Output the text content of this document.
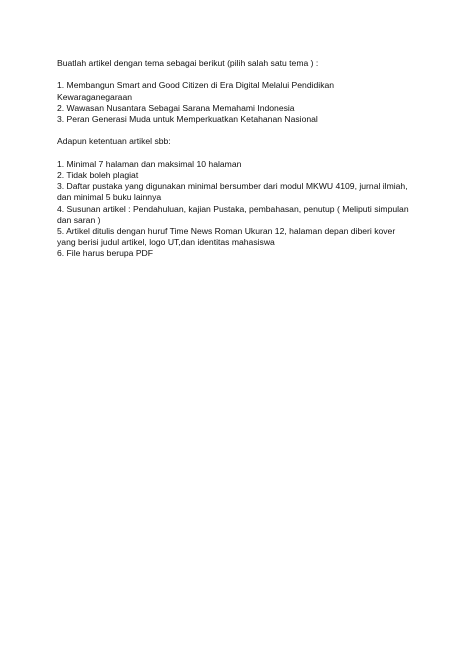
Buatlah artikel dengan tema sebagai berikut (pilih salah satu tema ) :

1. Membangun Smart and Good Citizen di Era Digital Melalui Pendidikan
Kewaraganegaraan
2. Wawasan Nusantara Sebagai Sarana Memahami Indonesia
3. Peran Generasi Muda untuk Memperkuatkan Ketahanan Nasional

Adapun ketentuan artikel sbb:

1. Minimal 7 halaman dan maksimal 10 halaman
2. Tidak boleh plagiat
3. Daftar pustaka yang digunakan minimal bersumber dari modul MKWU 4109, jurnal ilmiah,
dan minimal 5 buku lainnya
4. Susunan artikel : Pendahuluan, kajian Pustaka, pembahasan, penutup ( Meliputi simpulan
dan saran )
5. Artikel ditulis dengan huruf Time News Roman Ukuran 12, halaman depan diberi kover
yang berisi judul artikel, logo UT,dan identitas mahasiswa
6. File harus berupa PDF
